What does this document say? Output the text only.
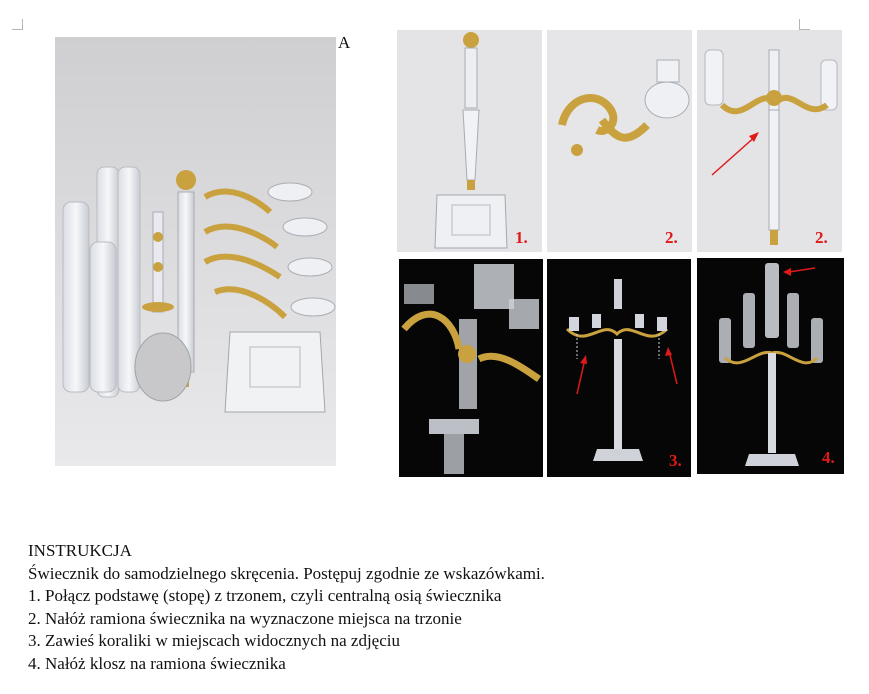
A
1.	2.	2.
3.	4.
INSTRUKCJA
Świecznik do samodzielnego skręcenia. Postępuj zgodnie ze wskazówkami.
1. Połącz podstawę (stopę) z trzonem, czyli centralną osią świecznika
2. Nałóż ramiona świecznika na wyznaczone miejsca na trzonie
3. Zawieś koraliki w miejscach widocznych na zdjęciu
4. Nałóż klosz na ramiona świecznika
